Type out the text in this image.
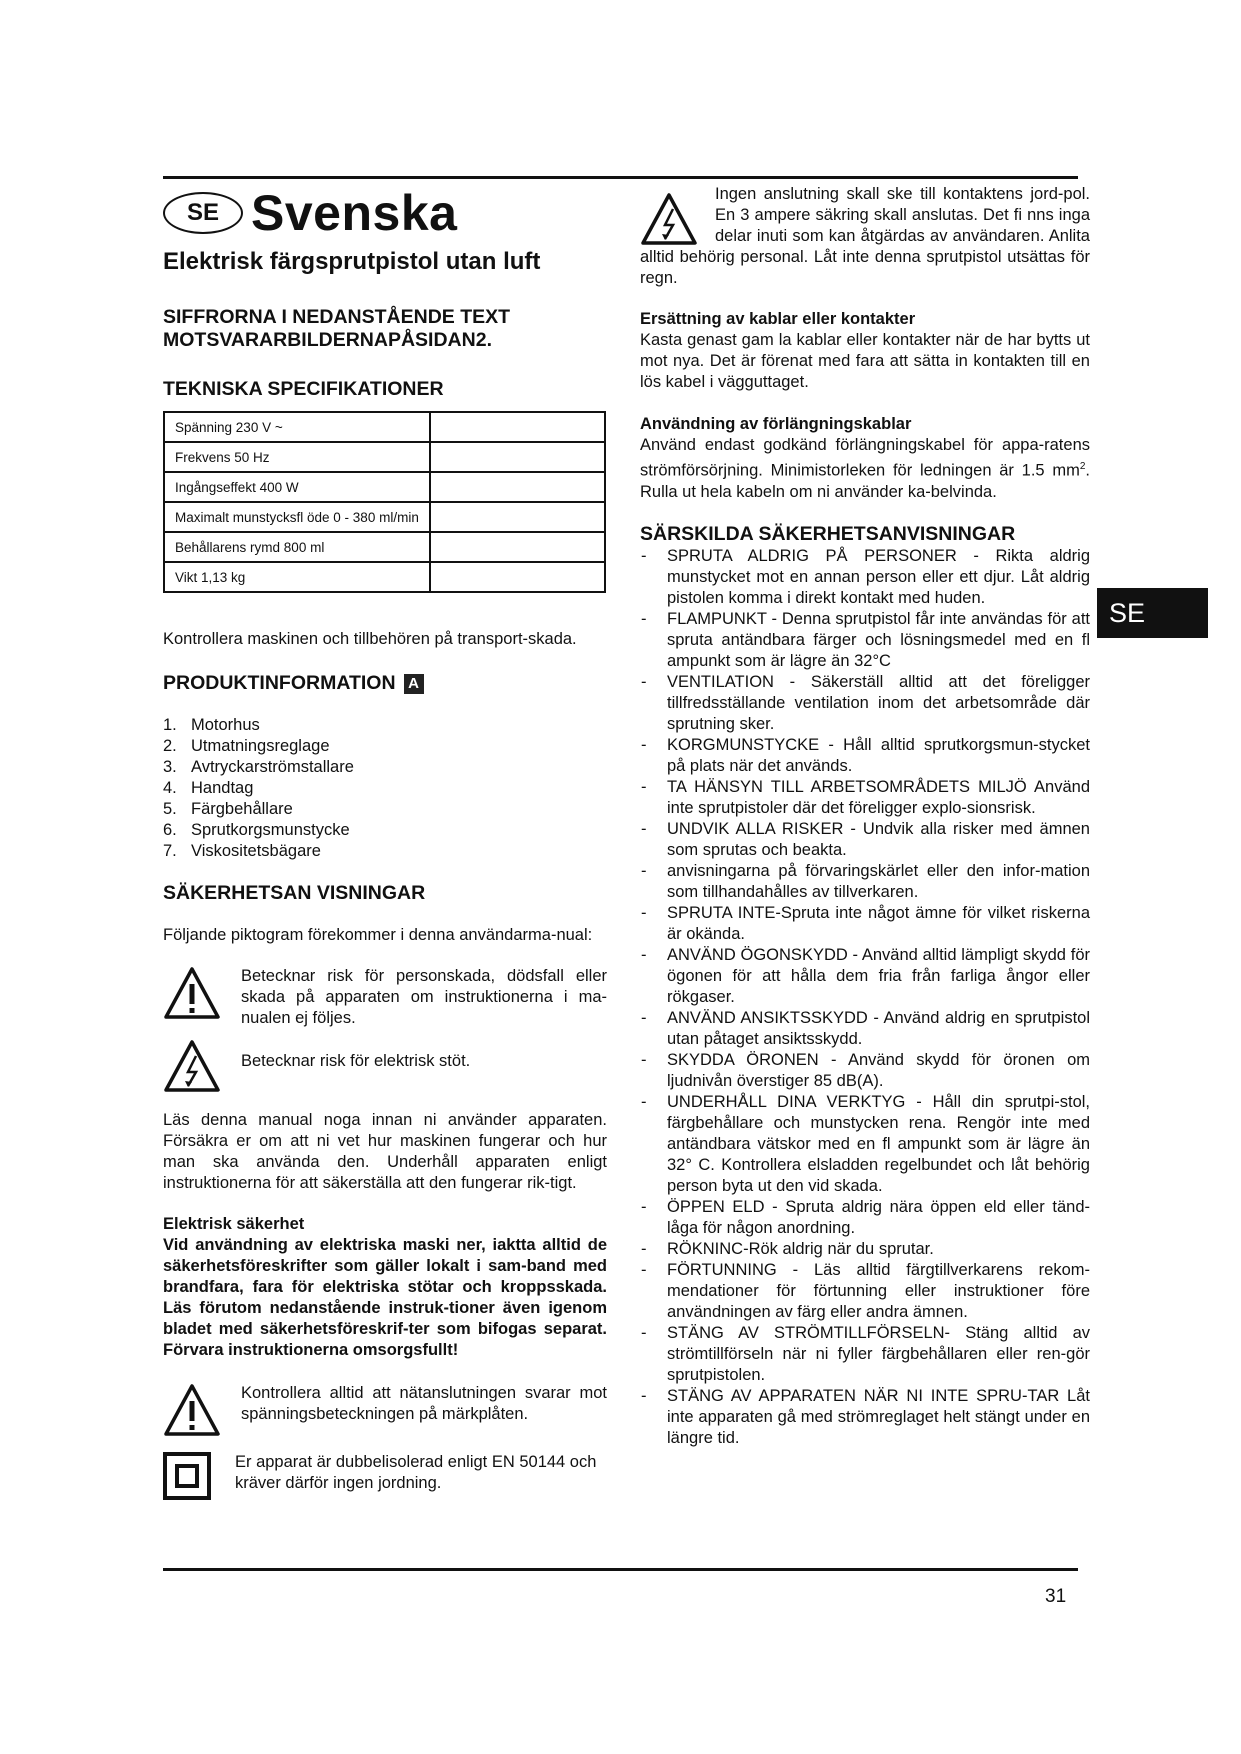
SE Svenska
Elektrisk färgsprutpistol utan luft
SIFFRORNA I NEDANSTÅENDE TEXT MOTSVARARBILDERNAPÅSIDAN2.
TEKNISKA SPECIFIKATIONER
Spänning 230 V ~	
Frekvens 50 Hz	
Ingångseffekt 400 W	
Maximalt munstycksfl öde 0 - 380 ml/min	
Behållarens rymd 800 ml	
Vikt 1,13 kg	

Kontrollera maskinen och tillbehören på transport-skada.

PRODUKTINFORMATION A
1. Motorhus
2. Utmatningsreglage
3. Avtryckarströmstallare
4. Handtag
5. Färgbehållare
6. Sprutkorgsmunstycke
7. Viskositetsbägare
SÄKERHETSAN VISNINGAR

Följande piktogram förekommer i denna användarma-nual:

Betecknar risk för personskada, dödsfall eller skada på apparaten om instruktionerna i ma-nualen ej följes.
Betecknar risk för elektrisk stöt.

Läs denna manual noga innan ni använder apparaten. Försäkra er om att ni vet hur maskinen fungerar och hur man ska använda den. Underhåll apparaten enligt instruktionerna för att säkerställa att den fungerar rik-tigt.

Elektrisk säkerhet

Vid användning av elektriska maski ner, iaktta alltid de säkerhetsföreskrifter som gäller lokalt i sam-band med brandfara, fara för elektriska stötar och kroppsskada. Läs förutom nedanstående instruk-tioner även igenom bladet med säkerhetsföreskrif-ter som bifogas separat. Förvara instruktionerna omsorgsfullt!

Kontrollera alltid att nätanslutningen svarar mot spänningsbeteckningen på märkplåten.
Er apparat är dubbelisolerad enligt EN 50144 och kräver därför ingen jordning.

Ingen anslutning skall ske till kontaktens jord-pol. En 3 ampere säkring skall anslutas. Det fi nns inga delar inuti som kan åtgärdas av användaren. Anlita alltid behörig personal. Låt inte denna sprutpistol utsättas för regn.

Ersättning av kablar eller kontakter

Kasta genast gam la kablar eller kontakter när de har bytts ut mot nya. Det är förenat med fara att sätta in kontakten till en lös kabel i vägguttaget.

Användning av förlängningskablar

Använd endast godkänd förlängningskabel för appa-ratens strömförsörjning. Minimistorleken för ledningen är 1.5 $mm^2$. Rulla ut hela kabeln om ni använder ka-belvinda.

SÄRSKILDA SÄKERHETSANVISNINGAR
- SPRUTA ALDRIG PÅ PERSONER - Rikta aldrig munstycket mot en annan person eller ett djur. Låt aldrig pistolen komma i direkt kontakt med huden.
- FLAMPUNKT - Denna sprutpistol får inte användas för att spruta antändbara färger och lösningsmedel med en fl ampunkt som är lägre än 32°C
- VENTILATION - Säkerställ alltid att det föreligger tillfredsställande ventilation inom det arbetsområde där sprutning sker.
- KORGMUNSTYCKE - Håll alltid sprutkorgsmun-stycket på plats när det används.
- TA HÄNSYN TILL ARBETSOMRÅDETS MILJÖ Använd inte sprutpistoler där det föreligger explo-sionsrisk.
- UNDVIK ALLA RISKER - Undvik alla risker med ämnen som sprutas och beakta.
- anvisningarna på förvaringskärlet eller den infor-mation som tillhandahålles av tillverkaren.
- SPRUTA INTE-Spruta inte något ämne för vilket riskerna är okända.
- ANVÄND ÖGONSKYDD - Använd alltid lämpligt skydd för ögonen för att hålla dem fria från farliga ångor eller rökgaser.
- ANVÄND ANSIKTSSKYDD - Använd aldrig en sprutpistol utan påtaget ansiktsskydd.
- SKYDDA ÖRONEN - Använd skydd för öronen om ljudnivån överstiger 85 dB(A).
- UNDERHÅLL DINA VERKTYG - Håll din sprutpi-stol, färgbehållare och munstycken rena. Rengör inte med antändbara vätskor med en fl ampunkt som är lägre än 32° C. Kontrollera elsladden regelbundet och låt behörig person byta ut den vid skada.
- ÖPPEN ELD - Spruta aldrig nära öppen eld eller tänd-låga för någon anordning.
- RÖKNINC-Rök aldrig när du sprutar.
- FÖRTUNNING - Läs alltid färgtillverkarens rekom-mendationer för förtunning eller instruktioner före användningen av färg eller andra ämnen.
- STÄNG AV STRÖMTILLFÖRSELN- Stäng alltid av strömtillförseln när ni fyller färgbehållaren eller ren-gör sprutpistolen.
- STÄNG AV APPARATEN NÄR NI INTE SPRU-TAR Låt inte apparaten gå med strömreglaget helt stängt under en längre tid.
SE
31
